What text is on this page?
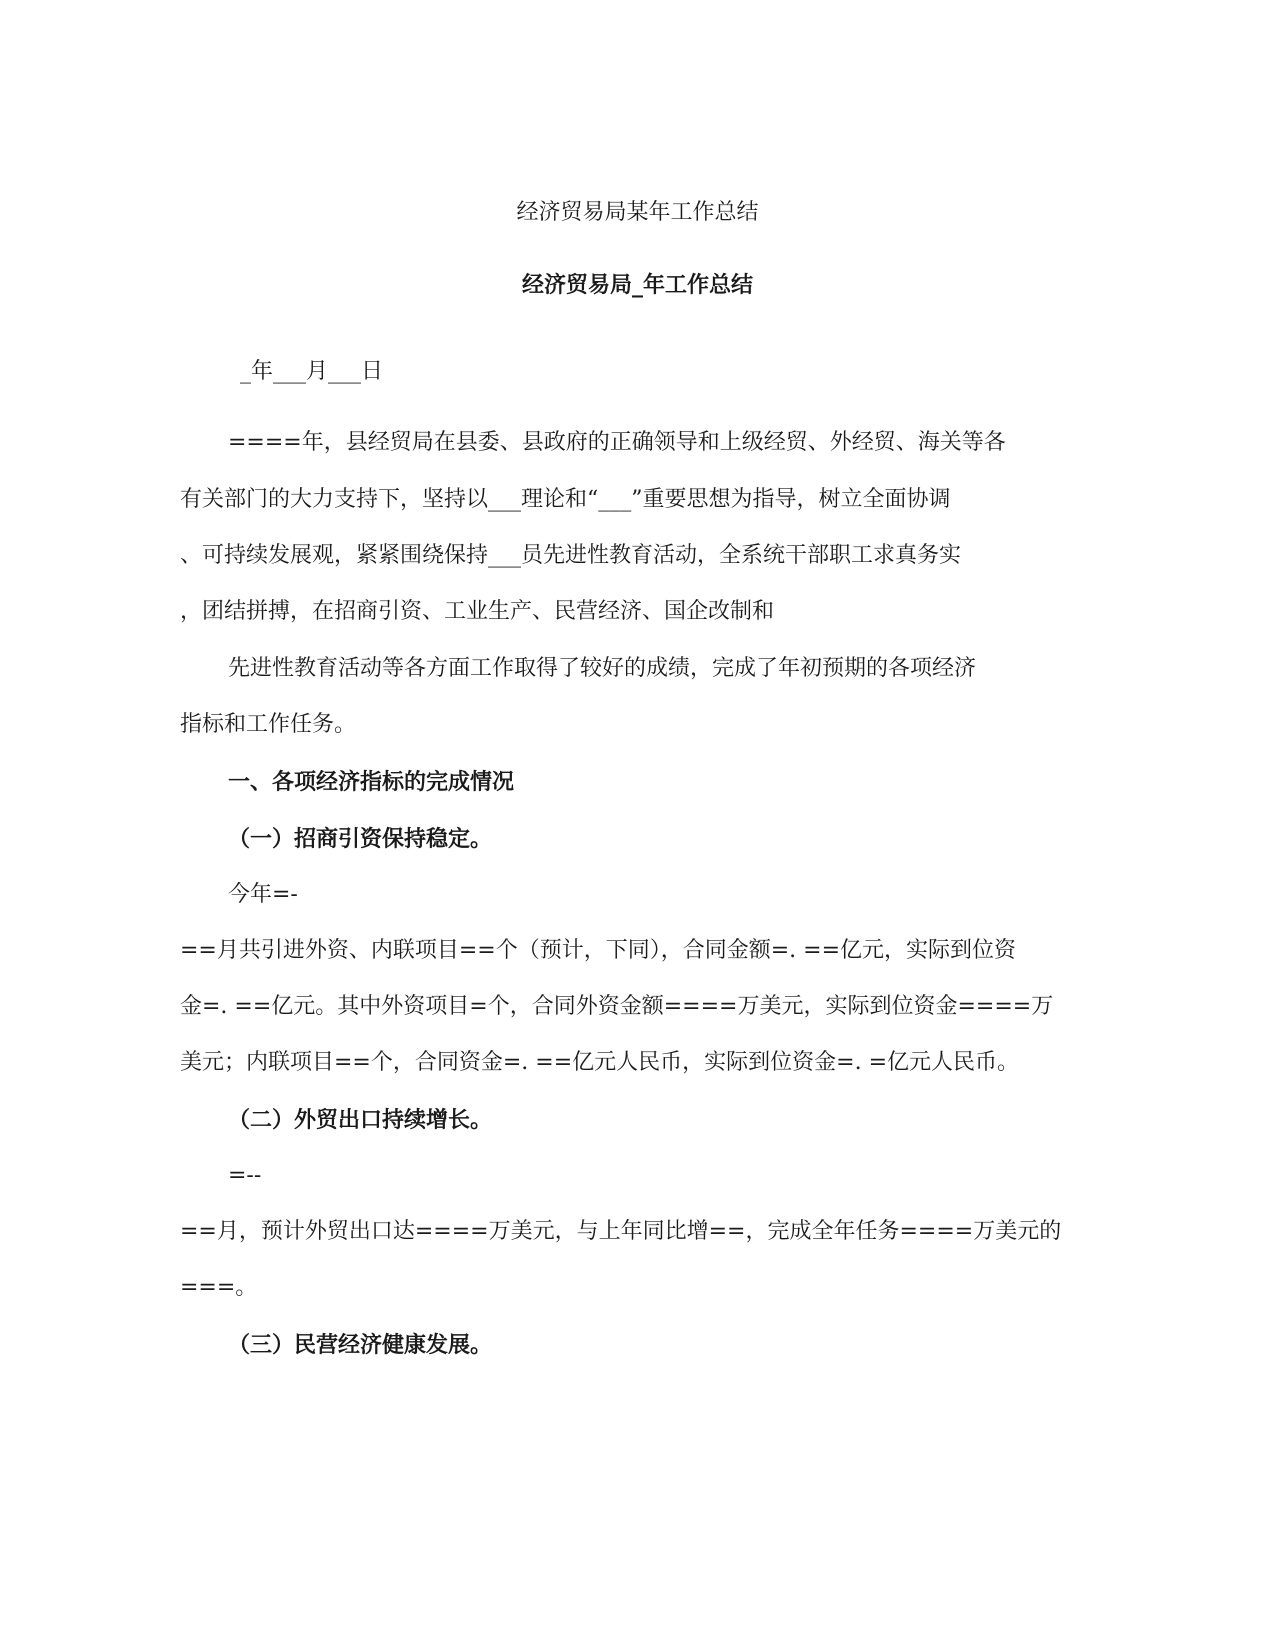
经济贸易局某年工作总结
经济贸易局_年工作总结
_年___月___日
====年，县经贸局在县委、县政府的正确领导和上级经贸、外经贸、海关等各
有关部门的大力支持下，坚持以___理论和“___”重要思想为指导，树立全面协调
、可持续发展观，紧紧围绕保持___员先进性教育活动，全系统干部职工求真务实
，团结拼搏，在招商引资、工业生产、民营经济、国企改制和
先进性教育活动等各方面工作取得了较好的成绩，完成了年初预期的各项经济
指标和工作任务。
一、各项经济指标的完成情况
（一）招商引资保持稳定。
今年=-
==月共引进外资、内联项目==个（预计，下同），合同金额=. ==亿元，实际到位资
金=. ==亿元。其中外资项目=个，合同外资金额====万美元，实际到位资金====万
美元；内联项目==个，合同资金=. ==亿元人民币，实际到位资金=. =亿元人民币。
（二）外贸出口持续增长。
=--
==月，预计外贸出口达====万美元，与上年同比增==，完成全年任务====万美元的
===。
（三）民营经济健康发展。
